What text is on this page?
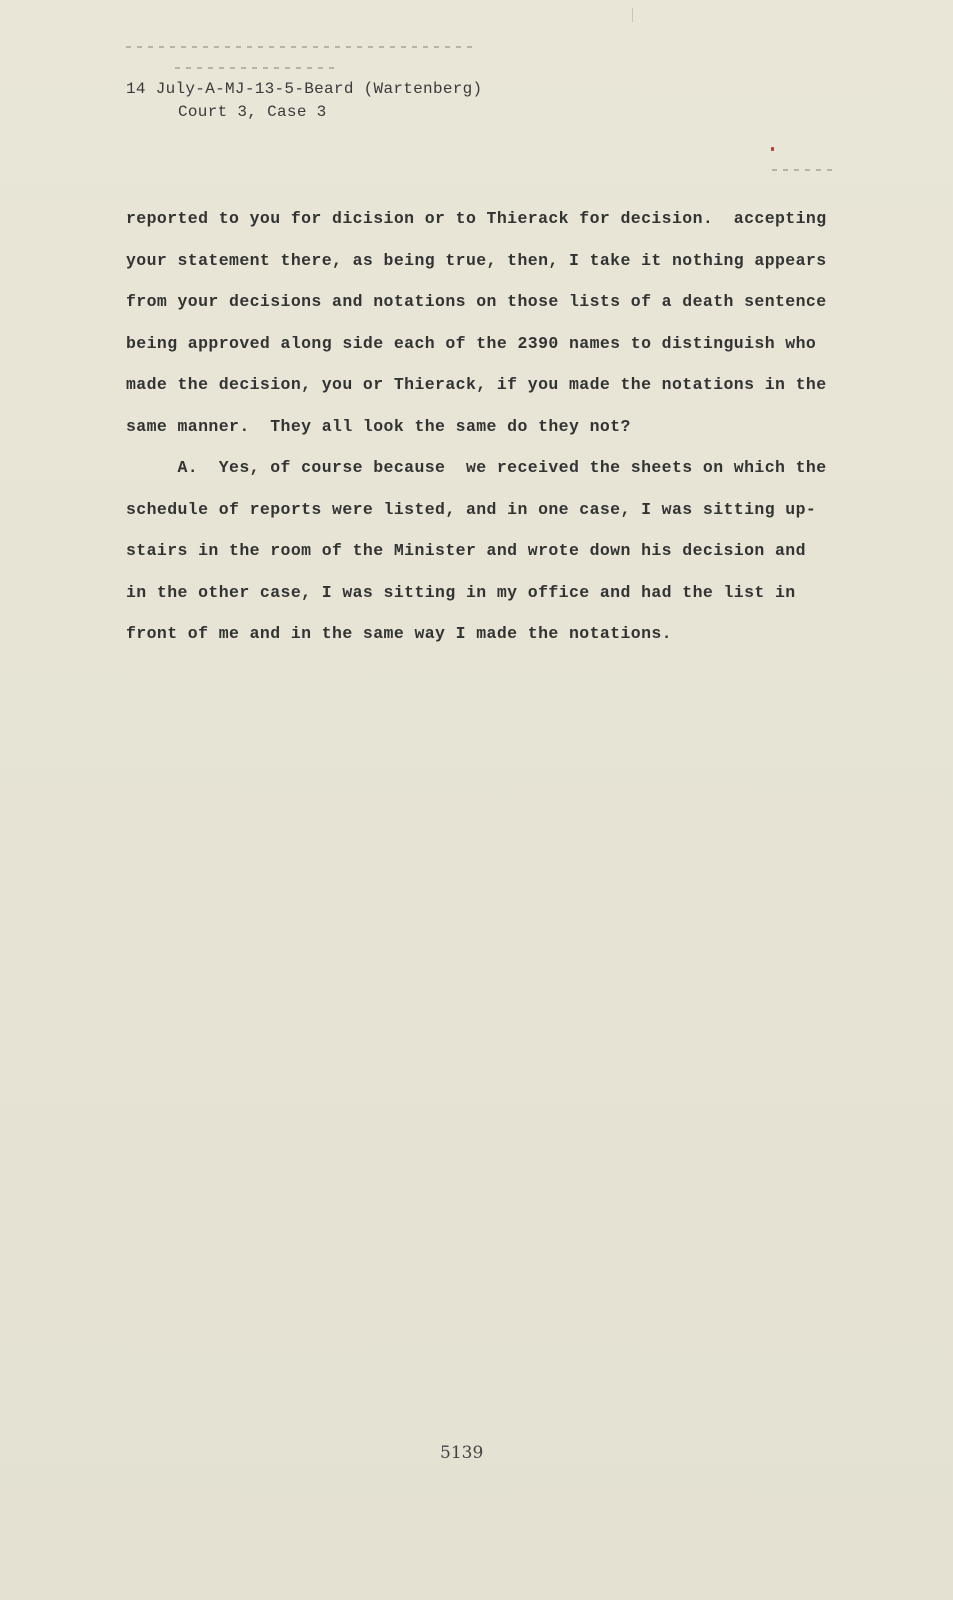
14 July-A-MJ-13-5-Beard (Wartenberg)
Court 3, Case 3
reported to you for dicision or to Thierack for decision.  accepting
your statement there, as being true, then, I take it nothing appears
from your decisions and notations on those lists of a death sentence
being approved along side each of the 2390 names to distinguish who
made the decision, you or Thierack, if you made the notations in the
same manner.  They all look the same do they not?
A.  Yes, of course because  we received the sheets on which the
schedule of reports were listed, and in one case, I was sitting up-
stairs in the room of the Minister and wrote down his decision and
in the other case, I was sitting in my office and had the list in
front of me and in the same way I made the notations.
5139
